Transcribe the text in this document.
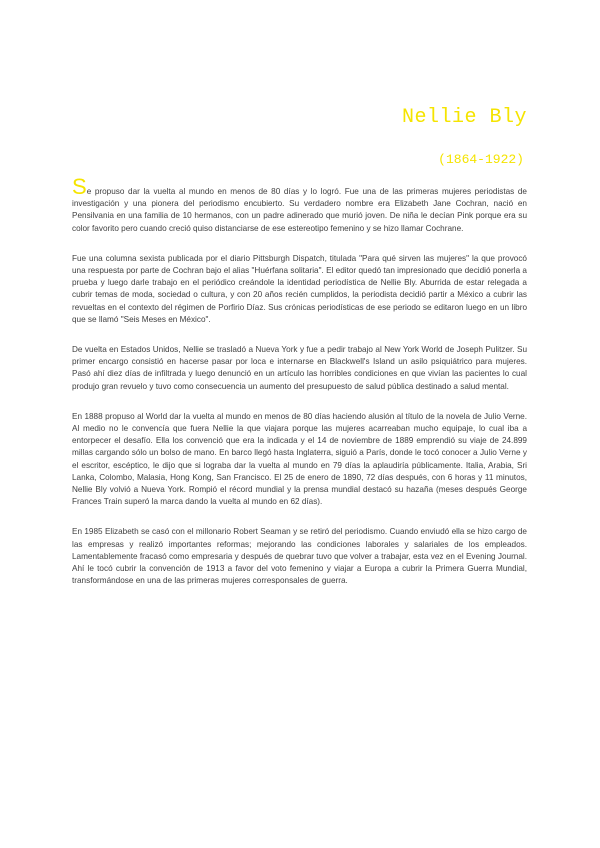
Nellie Bly
(1864-1922)

Se propuso dar la vuelta al mundo en menos de 80 días y lo logró. Fue una de las primeras mujeres periodistas de investigación y una pionera del periodismo encubierto. Su verdadero nombre era Elizabeth Jane Cochran, nació en Pensilvania en una familia de 10 hermanos, con un padre adinerado que murió joven. De niña le decían Pink porque era su color favorito pero cuando creció quiso distanciarse de ese estereotipo femenino y se hizo llamar Cochrane.

Fue una columna sexista publicada por el diario Pittsburgh Dispatch, titulada "Para qué sirven las mujeres" la que provocó una respuesta por parte de Cochran bajo el alias "Huérfana solitaria". El editor quedó tan impresionado que decidió ponerla a prueba y luego darle trabajo en el periódico creándole la identidad periodística de Nellie Bly. Aburrida de estar relegada a cubrir temas de moda, sociedad o cultura, y con 20 años recién cumplidos, la periodista decidió partir a México a cubrir las revueltas en el contexto del régimen de Porfirio Díaz. Sus crónicas periodísticas de ese periodo se editaron luego en un libro que se llamó "Seis Meses en México".

De vuelta en Estados Unidos, Nellie se trasladó a Nueva York y fue a pedir trabajo al New York World de Joseph Pulitzer. Su primer encargo consistió en hacerse pasar por loca e internarse en Blackwell's Island un asilo psiquiátrico para mujeres. Pasó ahí diez días de infiltrada y luego denunció en un artículo las horribles condiciones en que vivían las pacientes lo cual produjo gran revuelo y tuvo como consecuencia un aumento del presupuesto de salud pública destinado a salud mental.

En 1888 propuso al World dar la vuelta al mundo en menos de 80 días haciendo alusión al título de la novela de Julio Verne. Al medio no le convencía que fuera Nellie la que viajara porque las mujeres acarreaban mucho equipaje, lo cual iba a entorpecer el desafío. Ella los convenció que era la indicada y el 14 de noviembre de 1889 emprendió su viaje de 24.899 millas cargando sólo un bolso de mano. En barco llegó hasta Inglaterra, siguió a París, donde le tocó conocer a Julio Verne y el escritor, escéptico, le dijo que si lograba dar la vuelta al mundo en 79 días la aplaudiría públicamente. Italia, Arabia, Sri Lanka, Colombo, Malasia, Hong Kong, San Francisco. El 25 de enero de 1890, 72 días después, con 6 horas y 11 minutos, Nellie Bly volvió a Nueva York. Rompió el récord mundial y la prensa mundial destacó su hazaña (meses después George Frances Train superó la marca dando la vuelta al mundo en 62 días).

En 1985 Elizabeth se casó con el millonario Robert Seaman y se retiró del periodismo. Cuando enviudó ella se hizo cargo de las empresas y realizó importantes reformas; mejorando las condiciones laborales y salariales de los empleados. Lamentablemente fracasó como empresaria y después de quebrar tuvo que volver a trabajar, esta vez en el Evening Journal. Ahí le tocó cubrir la convención de 1913 a favor del voto femenino y viajar a Europa a cubrir la Primera Guerra Mundial, transformándose en una de las primeras mujeres corresponsales de guerra.
